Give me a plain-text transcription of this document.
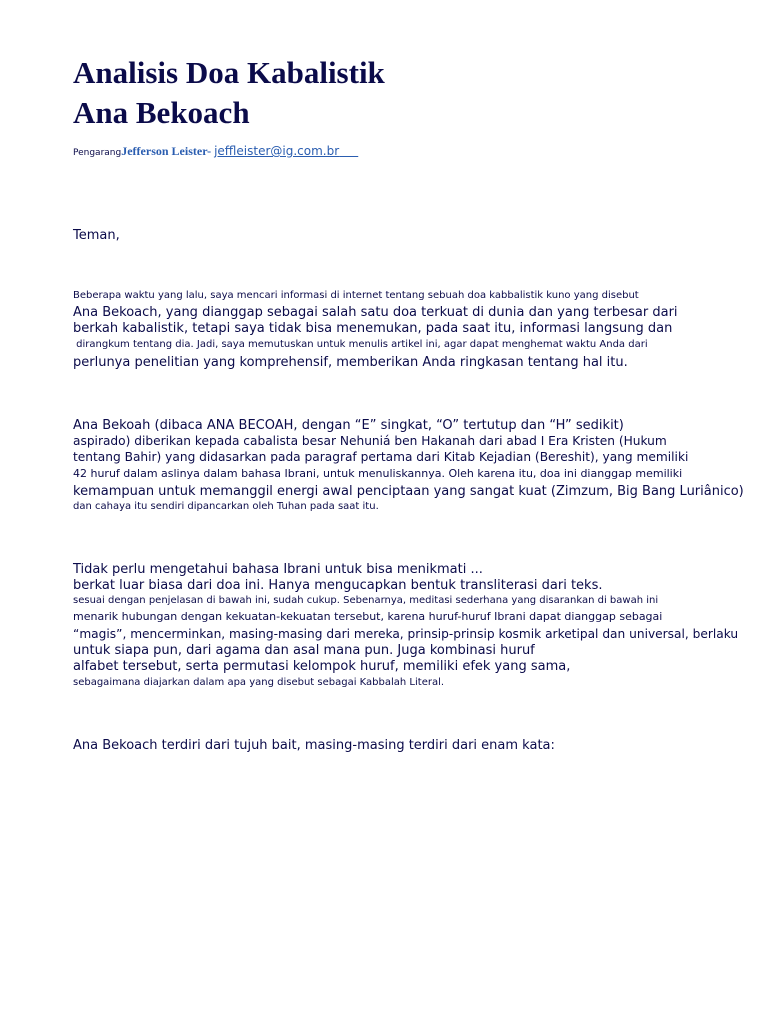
Analisis Doa Kabalistik
Ana Bekoach
PengarangJefferson Leister- jeffleister@ig.com.br
Teman,
Beberapa waktu yang lalu, saya mencari informasi di internet tentang sebuah doa kabbalistik kuno yang disebut
Ana Bekoach, yang dianggap sebagai salah satu doa terkuat di dunia dan yang terbesar dari
berkah kabalistik, tetapi saya tidak bisa menemukan, pada saat itu, informasi langsung dan
dirangkum tentang dia. Jadi, saya memutuskan untuk menulis artikel ini, agar dapat menghemat waktu Anda dari
perlunya penelitian yang komprehensif, memberikan Anda ringkasan tentang hal itu.
Ana Bekoah (dibaca ANA BECOAH, dengan “E” singkat, “O” tertutup dan “H” sedikit)
aspirado) diberikan kepada cabalista besar Nehuniá ben Hakanah dari abad I Era Kristen (Hukum
tentang Bahir) yang didasarkan pada paragraf pertama dari Kitab Kejadian (Bereshit), yang memiliki
42 huruf dalam aslinya dalam bahasa Ibrani, untuk menuliskannya. Oleh karena itu, doa ini dianggap memiliki
kemampuan untuk memanggil energi awal penciptaan yang sangat kuat (Zimzum, Big Bang Luriânico)
dan cahaya itu sendiri dipancarkan oleh Tuhan pada saat itu.
Tidak perlu mengetahui bahasa Ibrani untuk bisa menikmati ...
berkat luar biasa dari doa ini. Hanya mengucapkan bentuk transliterasi dari teks.
sesuai dengan penjelasan di bawah ini, sudah cukup. Sebenarnya, meditasi sederhana yang disarankan di bawah ini
menarik hubungan dengan kekuatan-kekuatan tersebut, karena huruf-huruf Ibrani dapat dianggap sebagai
“magis”, mencerminkan, masing-masing dari mereka, prinsip-prinsip kosmik arketipal dan universal, berlaku
untuk siapa pun, dari agama dan asal mana pun. Juga kombinasi huruf
alfabet tersebut, serta permutasi kelompok huruf, memiliki efek yang sama,
sebagaimana diajarkan dalam apa yang disebut sebagai Kabbalah Literal.
Ana Bekoach terdiri dari tujuh bait, masing-masing terdiri dari enam kata:
